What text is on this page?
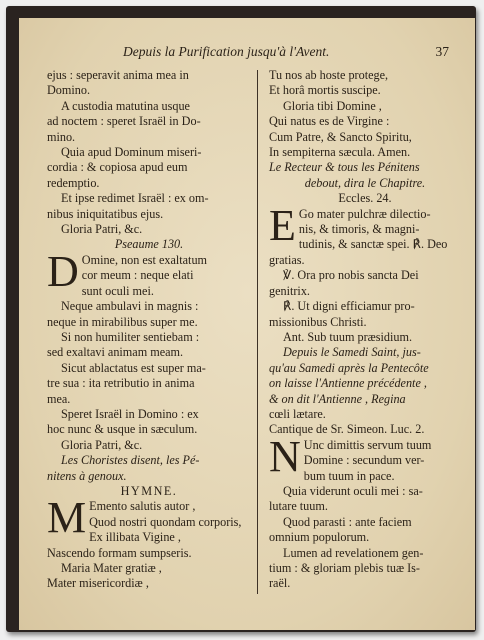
Depuis la Purification jusqu'à l'Avent.	37

ejus : seperavit anima mea in

Domino.

A custodia matutina usque

ad noctem : speret Israël in Do-

mino.

Quia apud Dominum miseri-

cordia : & copiosa apud eum

redemptio.

Et ipse redimet Israël : ex om-

nibus iniquitatibus ejus.

Gloria Patri, &c.

Pseaume 130.

D Omine, non est exaltatum

cor meum : neque elati

sunt oculi mei.

Neque ambulavi in magnis :

neque in mirabilibus super me.

Si non humiliter sentiebam :

sed exaltavi animam meam.

Sicut ablactatus est super ma-

tre sua : ita retributio in anima

mea.

Speret Israël in Domino : ex

hoc nunc & usque in sæculum.

Gloria Patri, &c.

Les Choristes disent, les Pé-

nitens à genoux.

HYMNE.

M Emento salutis autor ,

Quod nostri quondam corporis,

Ex illibata Vigine ,

Nascendo formam sumpseris.

Maria Mater gratiæ ,

Mater misericordiæ ,

Tu nos ab hoste protege,

Et horâ mortis suscipe.

Gloria tibi Domine ,

Qui natus es de Virgine :

Cum Patre, & Sancto Spiritu,

In sempiterna sæcula. Amen.

Le Recteur & tous les Pénitens

debout, dira le Chapitre.

Eccles. 24.

E Go mater pulchræ dilectio-

nis, & timoris, & magni-

tudinis, & sanctæ spei. ℟. Deo

gratias.

℣. Ora pro nobis sancta Dei

genitrix.

℟. Ut digni efficiamur pro-

missionibus Christi.

Ant. Sub tuum præsidium.

Depuis le Samedi Saint, jus-

qu'au Samedi après la Pentecôte

on laisse l'Antienne précédente ,

& on dit l'Antienne , Regina

cœli lætare.

Cantique de Sr. Simeon. Luc. 2.

N Unc dimittis servum tuum

Domine : secundum ver-

bum tuum in pace.

Quia viderunt oculi mei : sa-

lutare tuum.

Quod parasti : ante faciem

omnium populorum.

Lumen ad revelationem gen-

tium : & gloriam plebis tuæ Is-

raël.
